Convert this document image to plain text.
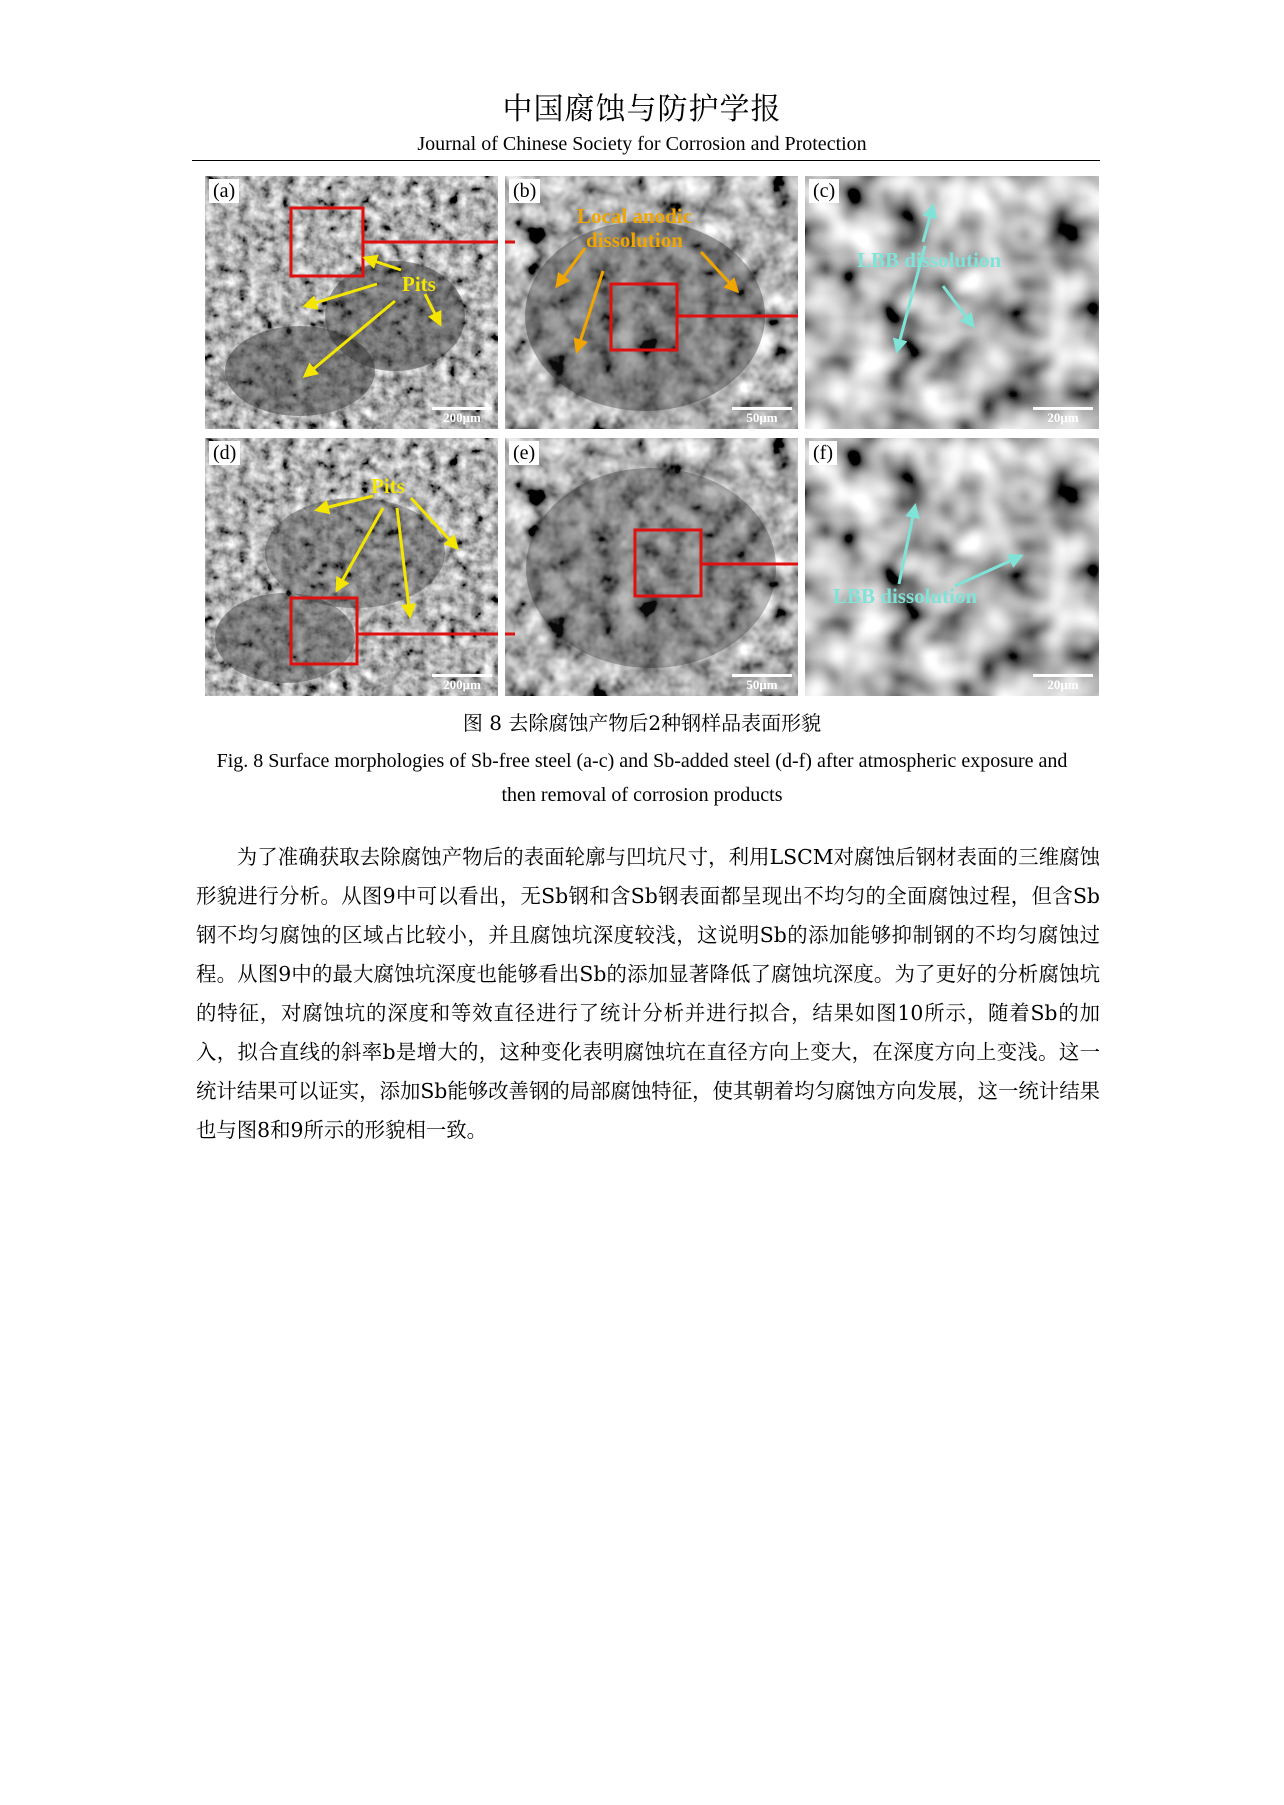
中国腐蚀与防护学报
Journal of Chinese Society for Corrosion and Protection
(a)
Pits
200μm
(b)
Local anodic
dissolution
50μm
(c)
LBB dissolution
20μm
(d)
Pits
200μm
(e)
50μm
(f)
LBB dissolution
20μm
图 8 去除腐蚀产物后2种钢样品表面形貌
Fig. 8 Surface morphologies of Sb-free steel (a-c) and Sb-added steel (d-f) after atmospheric exposure and then removal of corrosion products
为了准确获取去除腐蚀产物后的表面轮廓与凹坑尺寸，利用LSCM对腐蚀后钢材表面的三维腐蚀形貌进行分析。从图9中可以看出，无Sb钢和含Sb钢表面都呈现出不均匀的全面腐蚀过程，但含Sb钢不均匀腐蚀的区域占比较小，并且腐蚀坑深度较浅，这说明Sb的添加能够抑制钢的不均匀腐蚀过程。从图9中的最大腐蚀坑深度也能够看出Sb的添加显著降低了腐蚀坑深度。为了更好的分析腐蚀坑的特征，对腐蚀坑的深度和等效直径进行了统计分析并进行拟合，结果如图10所示，随着Sb的加入，拟合直线的斜率b是增大的，这种变化表明腐蚀坑在直径方向上变大，在深度方向上变浅。这一统计结果可以证实，添加Sb能够改善钢的局部腐蚀特征，使其朝着均匀腐蚀方向发展，这一统计结果也与图8和9所示的形貌相一致。
